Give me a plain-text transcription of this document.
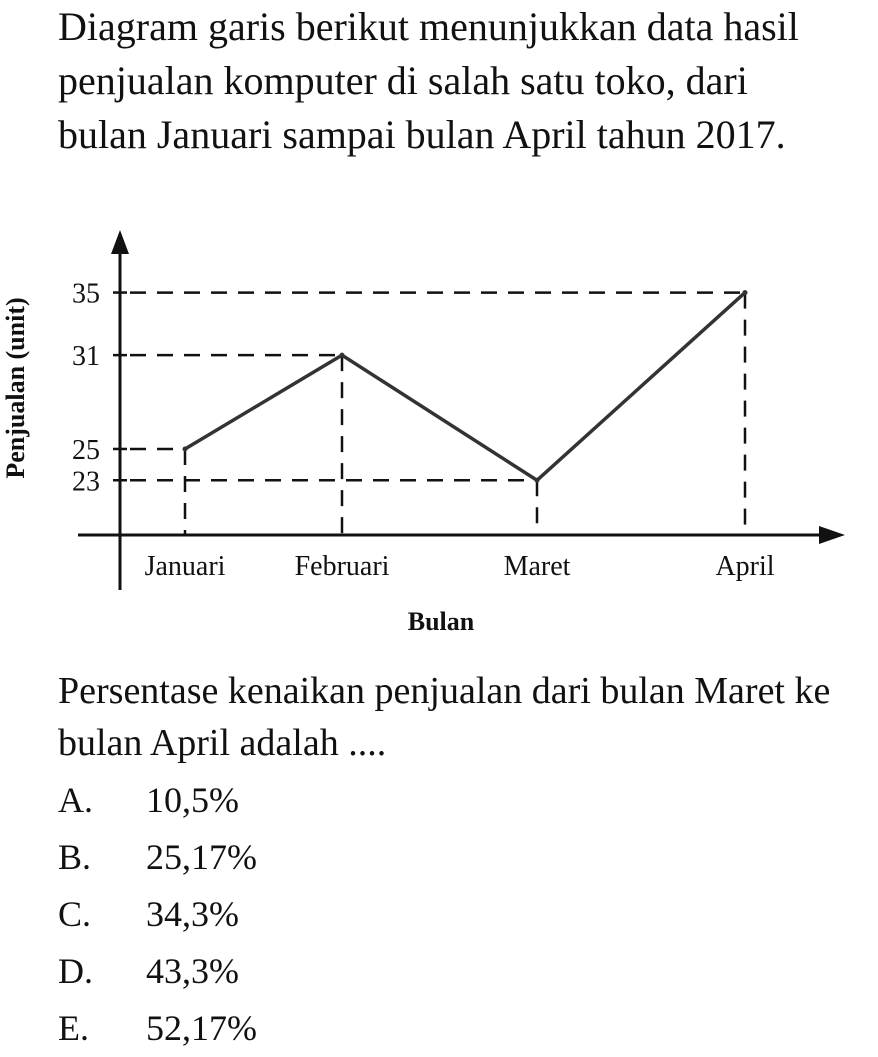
Diagram garis berikut menunjukkan data hasil penjualan komputer di salah satu toko, dari bulan Januari sampai bulan April tahun 2017.
23
25
31
35
Januari Februari	Maret	April
Penjualan (unit)
Bulan
Persentase kenaikan penjualan dari bulan Maret ke bulan April adalah ....
A.	10,5%
B.	25,17%
C.	34,3%
D.	43,3%
E.	52,17%
